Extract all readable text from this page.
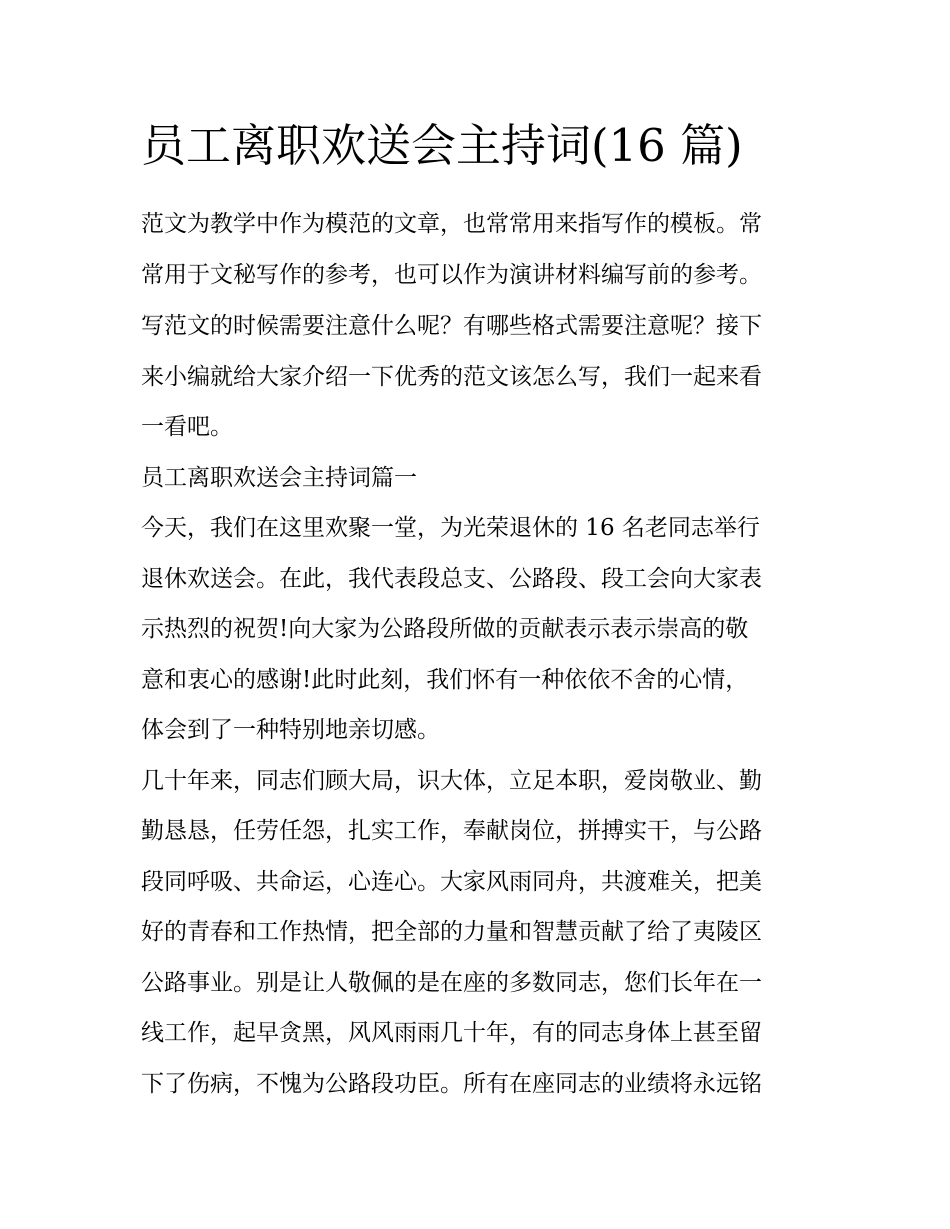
员工离职欢送会主持词(16 篇)

范文为教学中作为模范的文章，也常常用来指写作的模板。常

常用于文秘写作的参考，也可以作为演讲材料编写前的参考。

写范文的时候需要注意什么呢？有哪些格式需要注意呢？接下

来小编就给大家介绍一下优秀的范文该怎么写，我们一起来看

一看吧。

员工离职欢送会主持词篇一

今天，我们在这里欢聚一堂，为光荣退休的 16 名老同志举行

退休欢送会。在此，我代表段总支、公路段、段工会向大家表

示热烈的祝贺!向大家为公路段所做的贡献表示表示崇高的敬

意和衷心的感谢!此时此刻，我们怀有一种依依不舍的心情，

体会到了一种特别地亲切感。

几十年来，同志们顾大局，识大体，立足本职，爱岗敬业、勤

勤恳恳，任劳任怨，扎实工作，奉献岗位，拼搏实干，与公路

段同呼吸、共命运，心连心。大家风雨同舟，共渡难关，把美

好的青春和工作热情，把全部的力量和智慧贡献了给了夷陵区

公路事业。别是让人敬佩的是在座的多数同志，您们长年在一

线工作，起早贪黑，风风雨雨几十年，有的同志身体上甚至留

下了伤病，不愧为公路段功臣。所有在座同志的业绩将永远铭
